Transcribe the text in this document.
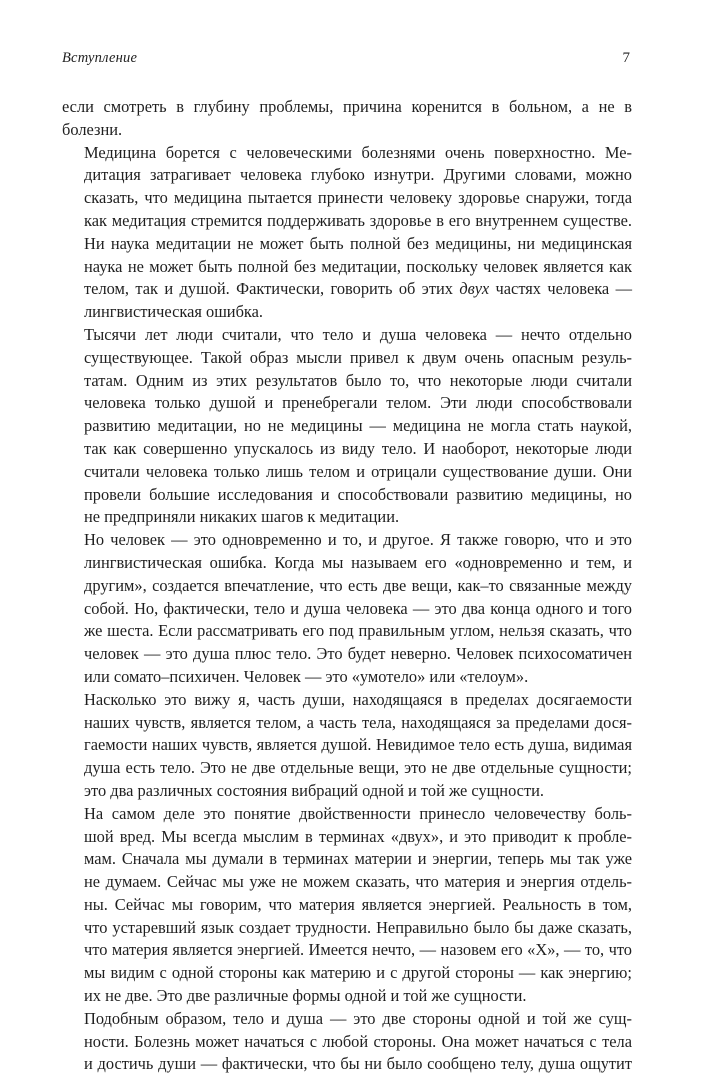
Вступление	7

если смотреть в глубину проблемы, причина коренится в больном, а не в
болезни.

Медицина борется с человеческими болезнями очень поверхностно. Ме-
дитация затрагивает человека глубоко изнутри. Другими словами, можно
сказать, что медицина пытается принести человеку здоровье снаружи, тогда
как медитация стремится поддерживать здоровье в его внутреннем существе.
Ни наука медитации не может быть полной без медицины, ни медицинская
наука не может быть полной без медитации, поскольку человек является как
телом, так и душой. Фактически, говорить об этих двух частях человека —
лингвистическая ошибка.

Тысячи лет люди считали, что тело и душа человека — нечто отдельно
существующее. Такой образ мысли привел к двум очень опасным резуль-
татам. Одним из этих результатов было то, что некоторые люди считали
человека только душой и пренебрегали телом. Эти люди способствовали
развитию медитации, но не медицины — медицина не могла стать наукой,
так как совершенно упускалось из виду тело. И наоборот, некоторые люди
считали человека только лишь телом и отрицали существование души. Они
провели большие исследования и способствовали развитию медицины, но
не предприняли никаких шагов к медитации.

Но человек — это одновременно и то, и другое. Я также говорю, что и это
лингвистическая ошибка. Когда мы называем его «одновременно и тем, и
другим», создается впечатление, что есть две вещи, как–то связанные между
собой. Но, фактически, тело и душа человека — это два конца одного и того
же шеста. Если рассматривать его под правильным углом, нельзя сказать, что
человек — это душа плюс тело. Это будет неверно. Человек психосоматичен
или сомато–психичен. Человек — это «умотело» или «телоум».

Насколько это вижу я, часть души, находящаяся в пределах досягаемости
наших чувств, является телом, а часть тела, находящаяся за пределами дося-
гаемости наших чувств, является душой. Невидимое тело есть душа, видимая
душа есть тело. Это не две отдельные вещи, это не две отдельные сущности;
это два различных состояния вибраций одной и той же сущности.

На самом деле это понятие двойственности принесло человечеству боль-
шой вред. Мы всегда мыслим в терминах «двух», и это приводит к пробле-
мам. Сначала мы думали в терминах материи и энергии, теперь мы так уже
не думаем. Сейчас мы уже не можем сказать, что материя и энергия отдель-
ны. Сейчас мы говорим, что материя является энергией. Реальность в том,
что устаревший язык создает трудности. Неправильно было бы даже сказать,
что материя является энергией. Имеется нечто, — назовем его «Х», — то, что
мы видим с одной стороны как материю и с другой стороны — как энергию;
их не две. Это две различные формы одной и той же сущности.

Подобным образом, тело и душа — это две стороны одной и той же сущ-
ности. Болезнь может начаться с любой стороны. Она может начаться с тела
и достичь души — фактически, что бы ни было сообщено телу, душа ощутит
